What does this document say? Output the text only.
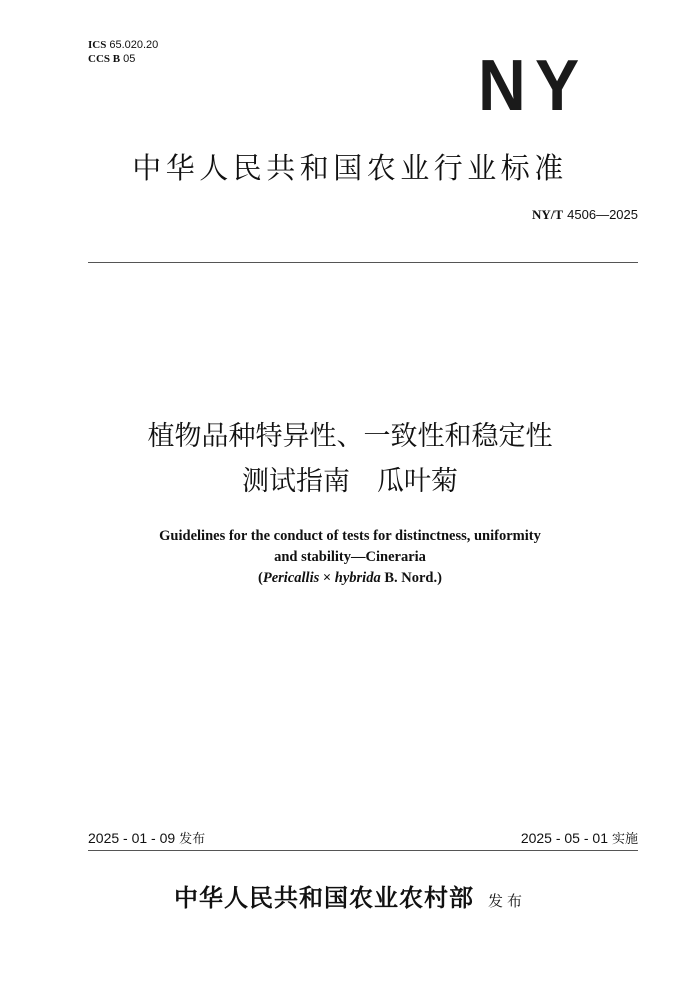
ICS 65.020.20
CCS B 05	NY
中华人民共和国农业行业标准
NY/T 4506—2025
植物品种特异性、一致性和稳定性
测试指南　瓜叶菊
Guidelines for the conduct of tests for distinctness, uniformity
and stability—Cineraria
(Pericallis × hybrida B. Nord.)
2025 - 01 - 09 发布	2025 - 05 - 01 实施
中华人民共和国农业农村部 发布
